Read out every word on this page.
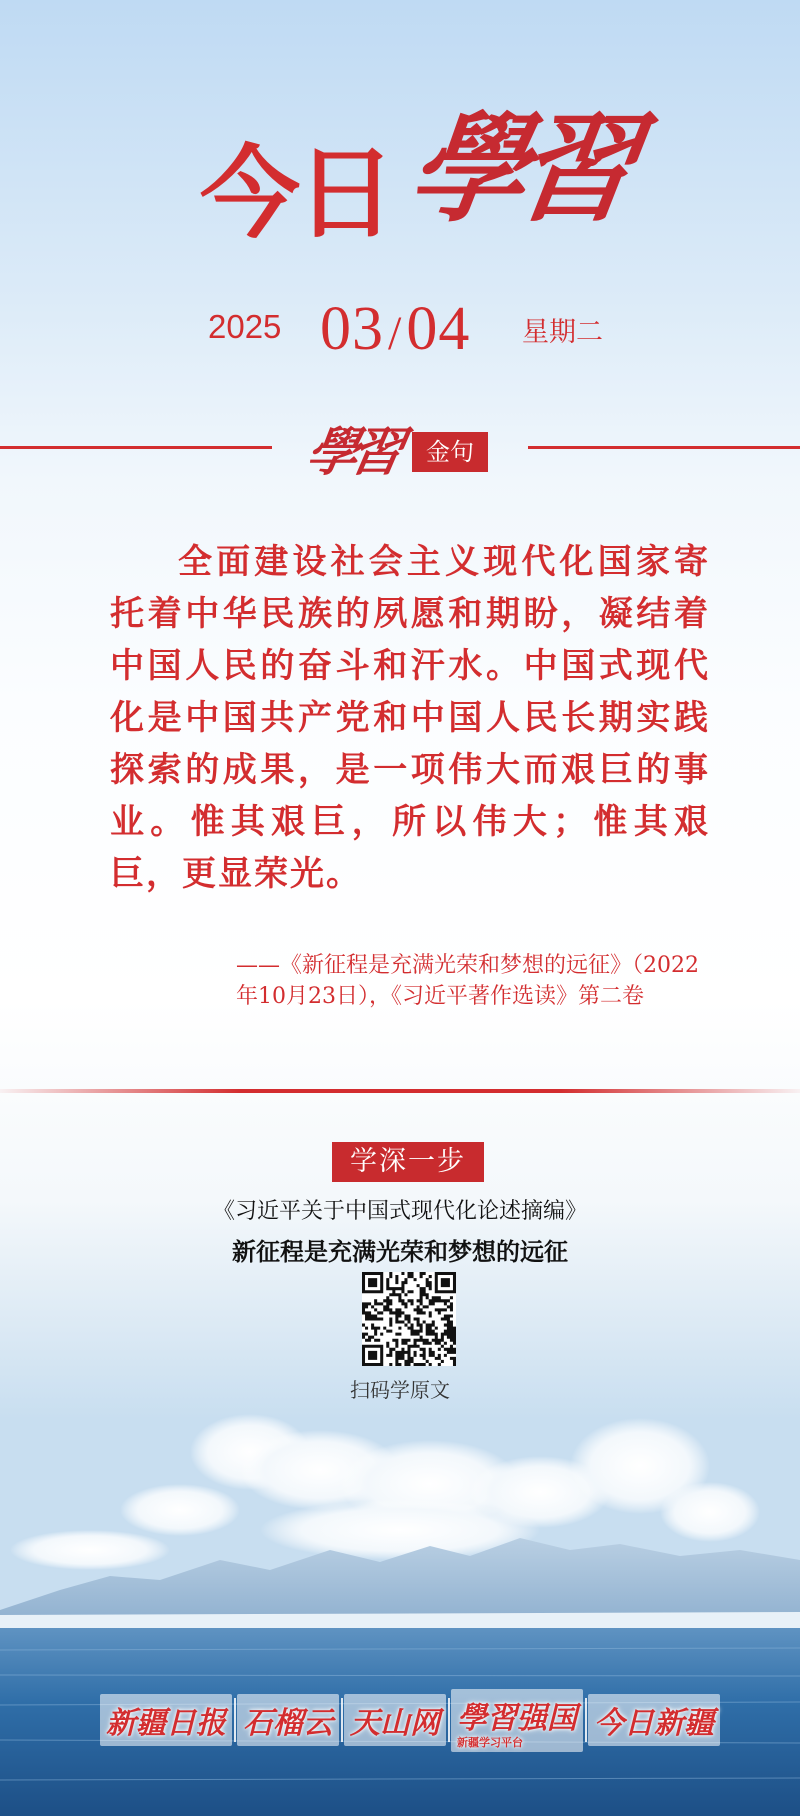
今日 學習
2025 03/04 星期二
學習	金句

全面建设社会主义现代化国家寄托着中华民族的夙愿和期盼，凝结着中国人民的奋斗和汗水。中国式现代化是中国共产党和中国人民长期实践探索的成果，是一项伟大而艰巨的事业。惟其艰巨，所以伟大；惟其艰巨，更显荣光。

——《新征程是充满光荣和梦想的远征》（2022年10月23日），《习近平著作选读》第二卷

学深一步
《习近平关于中国式现代化论述摘编》
新征程是充满光荣和梦想的远征
扫码学原文
新疆日报 石榴云 天山网 學習强国
新疆学习平台
今日新疆
